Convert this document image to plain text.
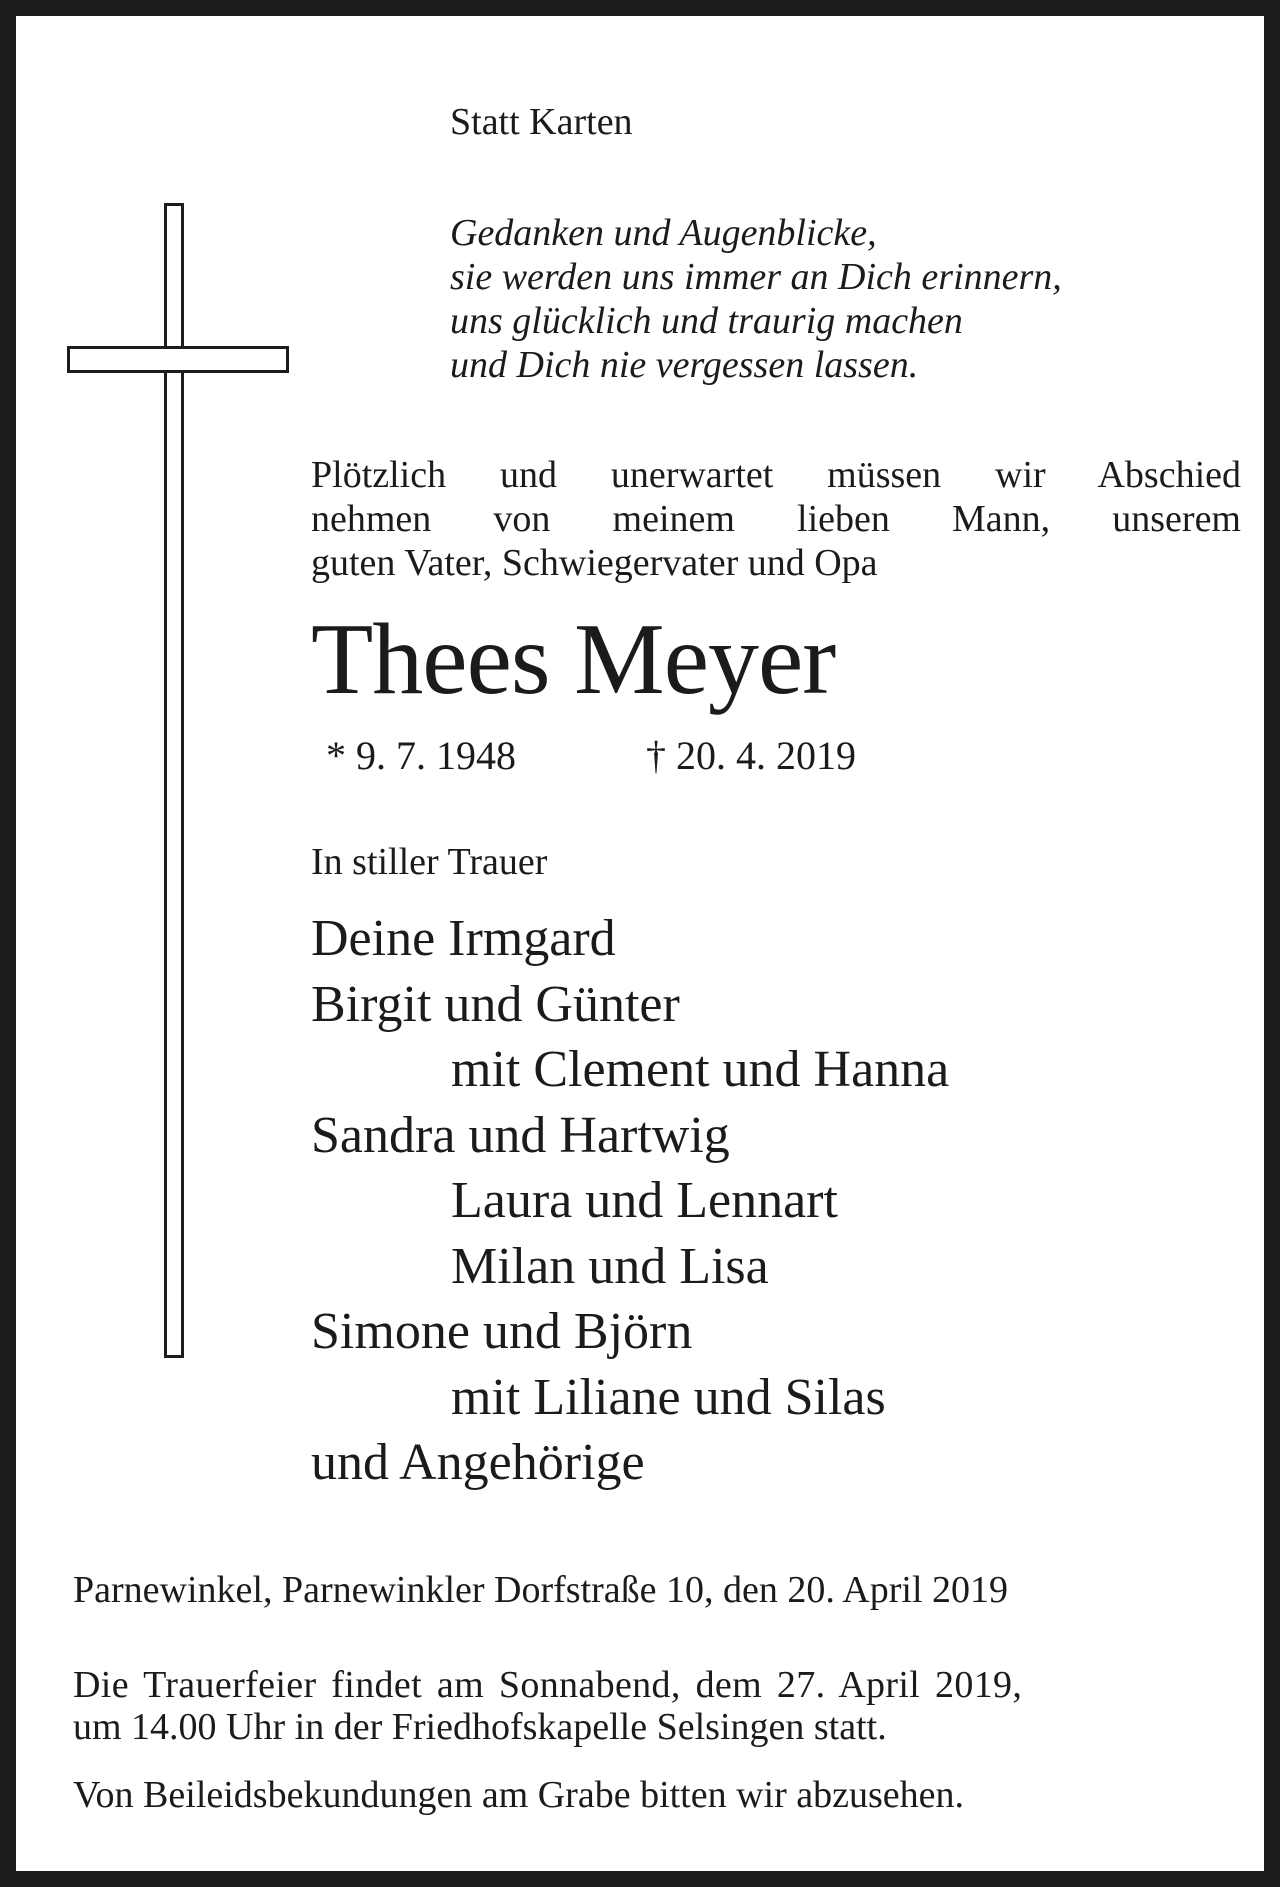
Statt Karten
Gedanken und Augenblicke,
sie werden uns immer an Dich erinnern,
uns glücklich und traurig machen
und Dich nie vergessen lassen.
Plötzlich und unerwartet müssen wir Abschied
nehmen von meinem lieben Mann, unserem
guten Vater, Schwiegervater und Opa
Thees Meyer
* 9. 7. 1948	† 20. 4. 2019
In stiller Trauer
Deine Irmgard
Birgit und Günter
mit Clement und Hanna
Sandra und Hartwig
Laura und Lennart
Milan und Lisa
Simone und Björn
mit Liliane und Silas
und Angehörige
Parnewinkel, Parnewinkler Dorfstraße 10, den 20. April 2019
Die Trauerfeier findet am Sonnabend, dem 27. April 2019,
um 14.00 Uhr in der Friedhofskapelle Selsingen statt.
Von Beileidsbekundungen am Grabe bitten wir abzusehen.
